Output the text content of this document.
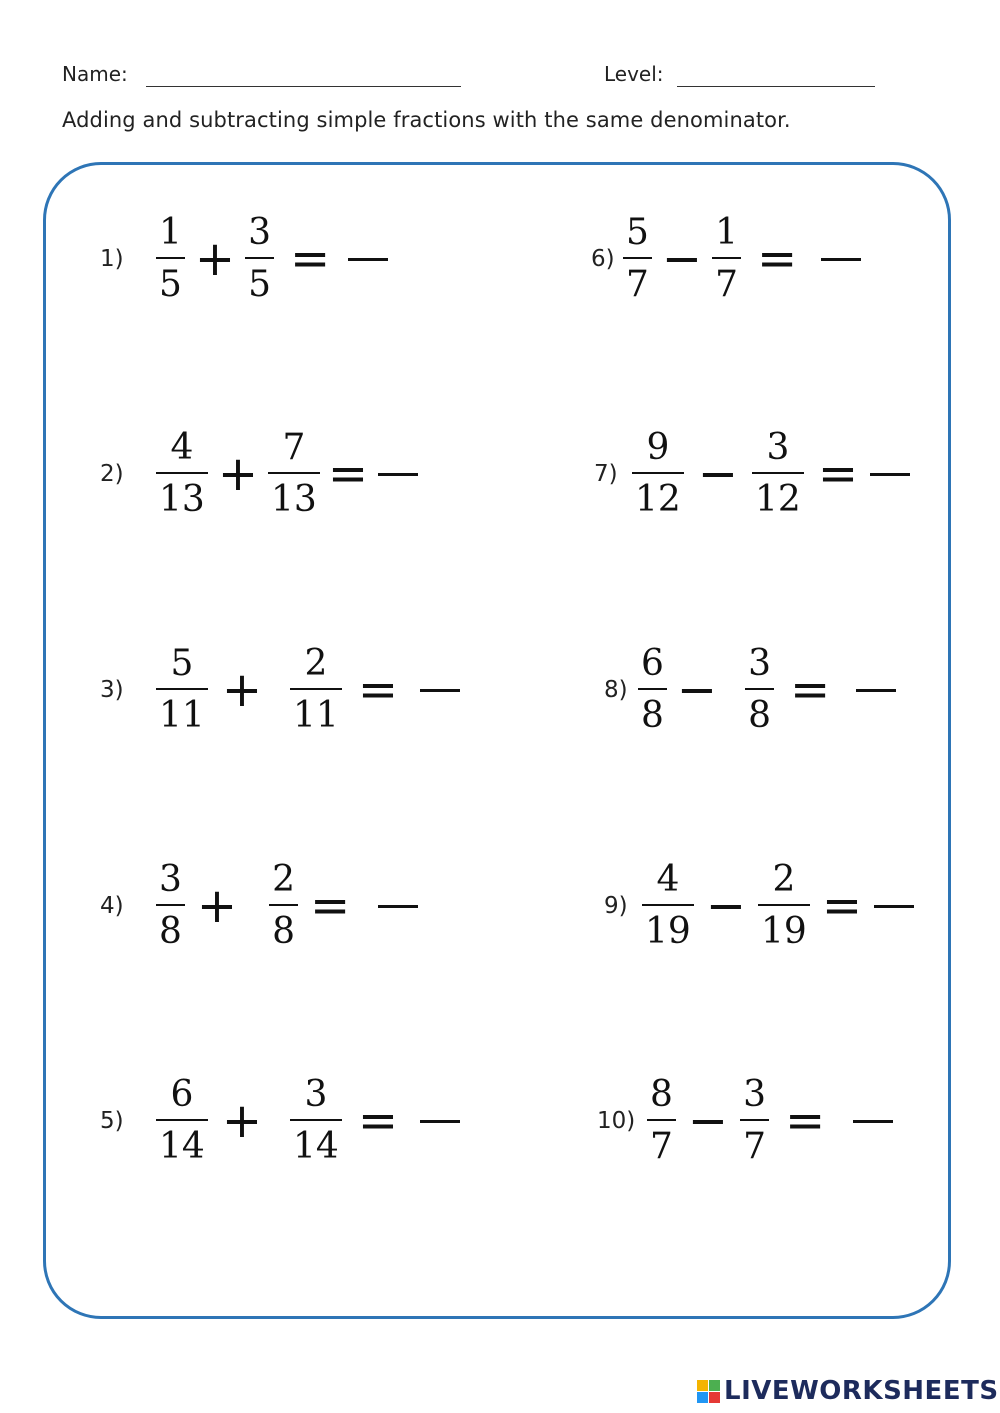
Name:	Level:
Adding and subtracting simple fractions with the same denominator.
$1) \frac{1}{5} + \frac{3}{5}$ =
$2) \frac{4}{13} + \frac{7}{13}$ =
$3) \frac{5}{11} + \frac{2}{11}$ =
$4) \frac{3}{8} + \frac{2}{8}$ =
$5) \frac{6}{14} + \frac{3}{14}$ =
$6) \frac{5}{7} - \frac{1}{7}$ =
$7) \frac{9}{12} - \frac{3}{12}$ =
$8) \frac{6}{8} - \frac{3}{8}$ =
$9) \frac{4}{19} - \frac{2}{19}$ =
$10) \frac{8}{7} - \frac{3}{7}$ =
LIVEWORKSHEETS
